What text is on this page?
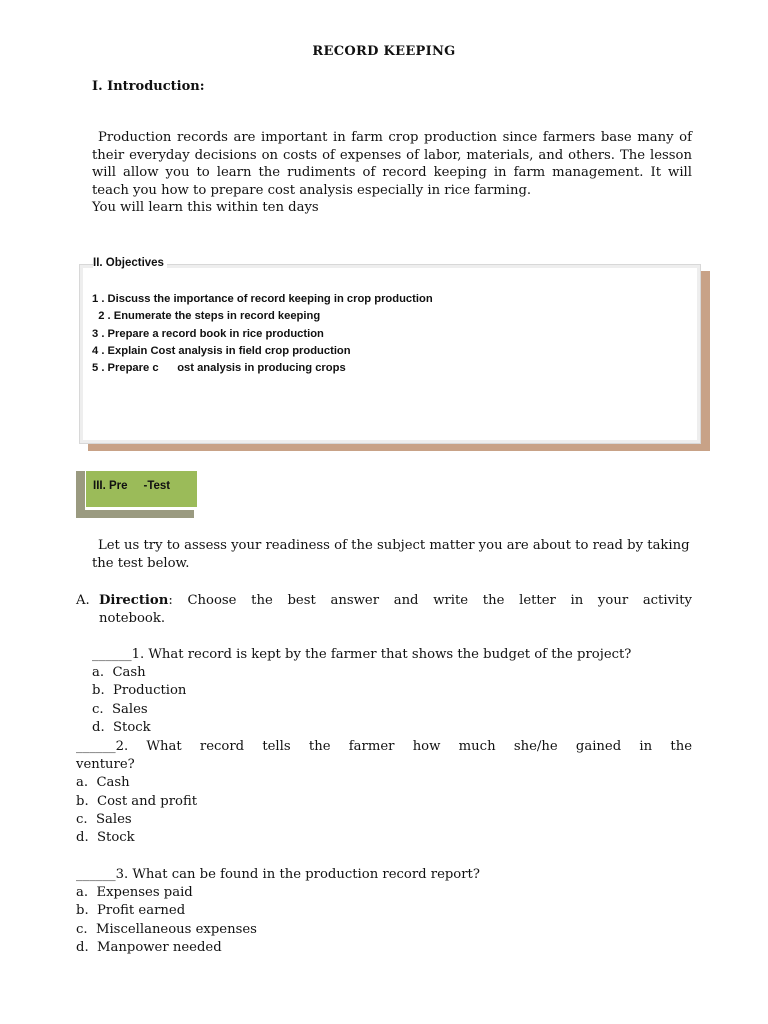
RECORD KEEPING
I. Introduction:

Production records are important in farm crop production since farmers base many of their everyday decisions on costs of expenses of labor, materials, and others. The lesson will allow you to learn the rudiments of record keeping in farm management. It will teach you how to prepare cost analysis especially in rice farming.

You will learn this within ten days

II. Objectives
1 . Discuss the importance of record keeping in crop production
2 . Enumerate the steps in record keeping
3 . Prepare a record book in rice production
4 . Explain Cost analysis in field crop production
5 . Prepare c      ost analysis in producing crops
III. Pre     -Test
Let us try to assess your readiness of the subject matter you are about to read by taking the test below.
A. Direction: Choose the best answer and write the letter in your activity
notebook.
______1. What record is kept by the farmer that shows the budget of the project?
a.  Cash
b.  Production
c.  Sales
d.  Stock
______2. What record tells the farmer how much she/he gained in the
venture?
a.  Cash
b.  Cost and profit
c.  Sales
d.  Stock
______3. What can be found in the production record report?
a.  Expenses paid
b.  Profit earned
c.  Miscellaneous expenses
d.  Manpower needed
